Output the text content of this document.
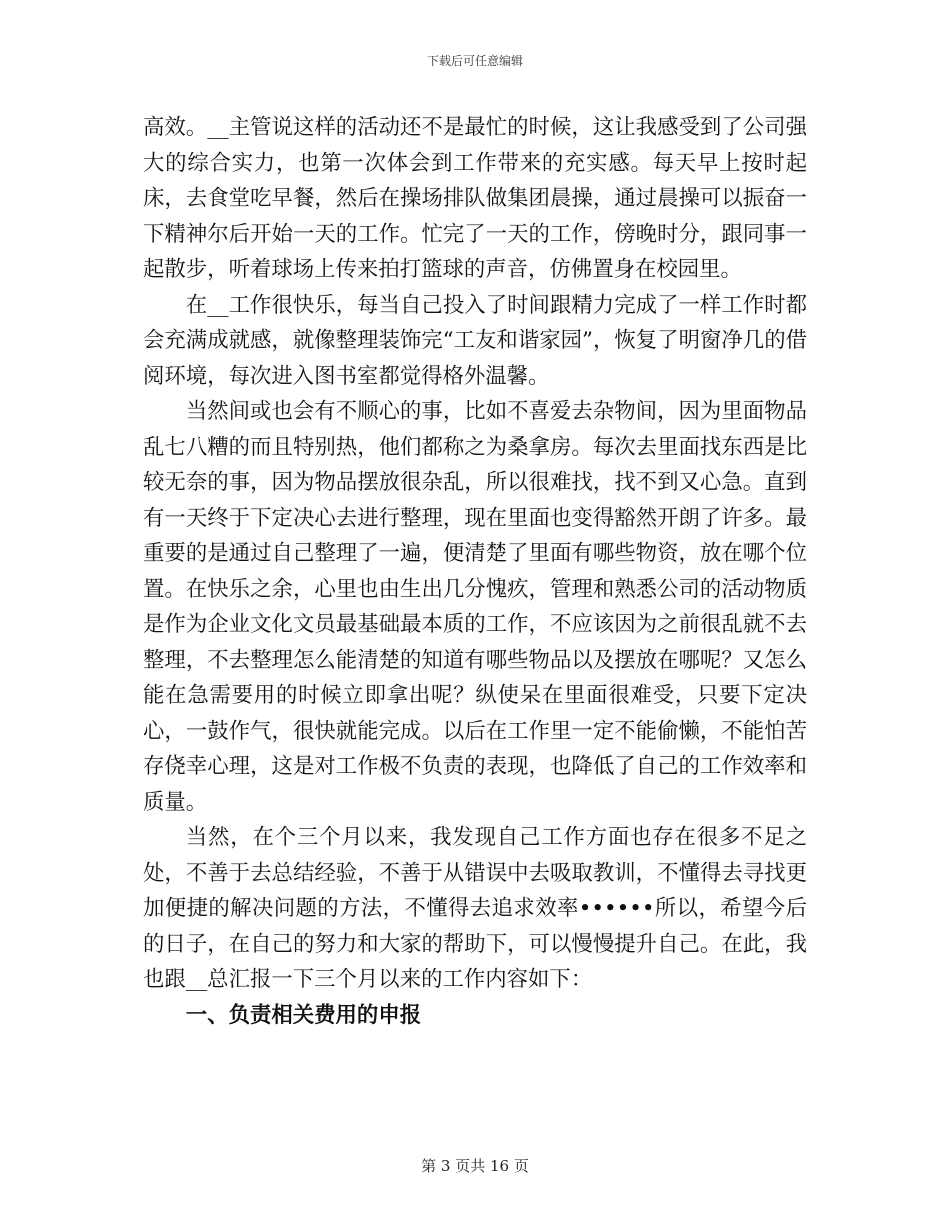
下载后可任意编辑

高效。__主管说这样的活动还不是最忙的时候，这让我感受到了公司强大的综合实力，也第一次体会到工作带来的充实感。每天早上按时起床，去食堂吃早餐，然后在操场排队做集团晨操，通过晨操可以振奋一下精神尔后开始一天的工作。忙完了一天的工作，傍晚时分，跟同事一起散步，听着球场上传来拍打篮球的声音，仿佛置身在校园里。

在__工作很快乐，每当自己投入了时间跟精力完成了一样工作时都会充满成就感，就像整理装饰完“工友和谐家园”，恢复了明窗净几的借阅环境，每次进入图书室都觉得格外温馨。

当然间或也会有不顺心的事，比如不喜爱去杂物间，因为里面物品乱七八糟的而且特别热，他们都称之为桑拿房。每次去里面找东西是比较无奈的事，因为物品摆放很杂乱，所以很难找，找不到又心急。直到有一天终于下定决心去进行整理，现在里面也变得豁然开朗了许多。最重要的是通过自己整理了一遍，便清楚了里面有哪些物资，放在哪个位置。在快乐之余，心里也由生出几分愧疚，管理和熟悉公司的活动物质是作为企业文化文员最基础最本质的工作，不应该因为之前很乱就不去整理，不去整理怎么能清楚的知道有哪些物品以及摆放在哪呢？又怎么能在急需要用的时候立即拿出呢？纵使呆在里面很难受，只要下定决心，一鼓作气，很快就能完成。以后在工作里一定不能偷懒，不能怕苦存侥幸心理，这是对工作极不负责的表现，也降低了自己的工作效率和质量。

当然，在个三个月以来，我发现自己工作方面也存在很多不足之处，不善于去总结经验，不善于从错误中去吸取教训，不懂得去寻找更加便捷的解决问题的方法，不懂得去追求效率••••••所以，希望今后的日子，在自己的努力和大家的帮助下，可以慢慢提升自己。在此，我也跟__总汇报一下三个月以来的工作内容如下：

一、负责相关费用的申报
第 3 页共 16 页
